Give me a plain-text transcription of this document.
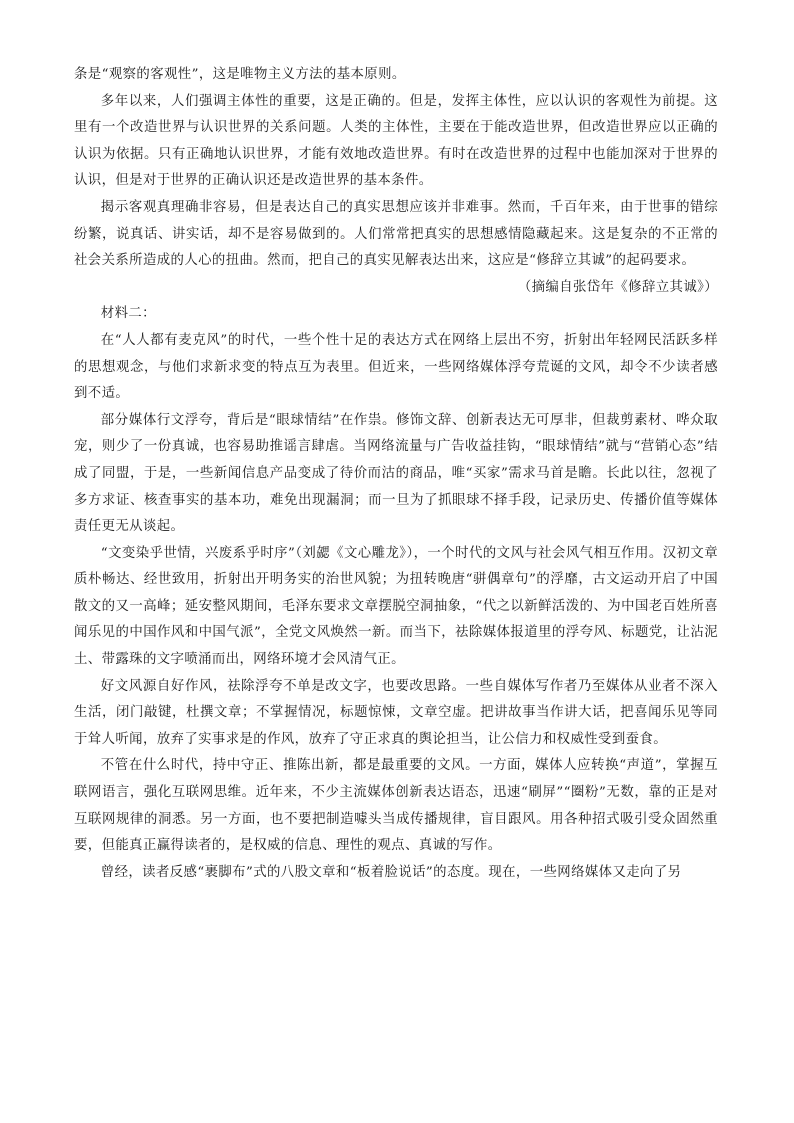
条是“观察的客观性”，这是唯物主义方法的基本原则。

多年以来，人们强调主体性的重要，这是正确的。但是，发挥主体性，应以认识的客观性为前提。这里有一个改造世界与认识世界的关系问题。人类的主体性，主要在于能改造世界，但改造世界应以正确的认识为依据。只有正确地认识世界，才能有效地改造世界。有时在改造世界的过程中也能加深对于世界的认识，但是对于世界的正确认识还是改造世界的基本条件。

揭示客观真理确非容易，但是表达自己的真实思想应该并非难事。然而，千百年来，由于世事的错综纷繁，说真话、讲实话，却不是容易做到的。人们常常把真实的思想感情隐藏起来。这是复杂的不正常的社会关系所造成的人心的扭曲。然而，把自己的真实见解表达出来，这应是“修辞立其诚”的起码要求。

（摘编自张岱年《修辞立其诚》）

材料二：

在“人人都有麦克风”的时代，一些个性十足的表达方式在网络上层出不穷，折射出年轻网民活跃多样的思想观念，与他们求新求变的特点互为表里。但近来，一些网络媒体浮夸荒诞的文风，却令不少读者感到不适。

部分媒体行文浮夸，背后是“眼球情结”在作祟。修饰文辞、创新表达无可厚非，但裁剪素材、哗众取宠，则少了一份真诚，也容易助推谣言肆虐。当网络流量与广告收益挂钩，“眼球情结”就与“营销心态”结成了同盟，于是，一些新闻信息产品变成了待价而沽的商品，唯“买家”需求马首是瞻。长此以往，忽视了多方求证、核查事实的基本功，难免出现漏洞；而一旦为了抓眼球不择手段，记录历史、传播价值等媒体责任更无从谈起。

“文变染乎世情，兴废系乎时序”（刘勰《文心雕龙》），一个时代的文风与社会风气相互作用。汉初文章质朴畅达、经世致用，折射出开明务实的治世风貌；为扭转晚唐“骈偶章句”的浮靡，古文运动开启了中国散文的又一高峰；延安整风期间，毛泽东要求文章摆脱空洞抽象，“代之以新鲜活泼的、为中国老百姓所喜闻乐见的中国作风和中国气派”，全党文风焕然一新。而当下，祛除媒体报道里的浮夸风、标题党，让沾泥土、带露珠的文字喷涌而出，网络环境才会风清气正。

好文风源自好作风，祛除浮夸不单是改文字，也要改思路。一些自媒体写作者乃至媒体从业者不深入生活，闭门敲键，杜撰文章；不掌握情况，标题惊悚，文章空虚。把讲故事当作讲大话，把喜闻乐见等同于耸人听闻，放弃了实事求是的作风，放弃了守正求真的舆论担当，让公信力和权威性受到蚕食。

不管在什么时代，持中守正、推陈出新，都是最重要的文风。一方面，媒体人应转换“声道”，掌握互联网语言，强化互联网思维。近年来，不少主流媒体创新表达语态，迅速“刷屏”“圈粉”无数，靠的正是对互联网规律的洞悉。另一方面，也不要把制造噱头当成传播规律，盲目跟风。用各种招式吸引受众固然重要，但能真正赢得读者的，是权威的信息、理性的观点、真诚的写作。

曾经，读者反感“裹脚布”式的八股文章和“板着脸说话”的态度。现在，一些网络媒体又走向了另
